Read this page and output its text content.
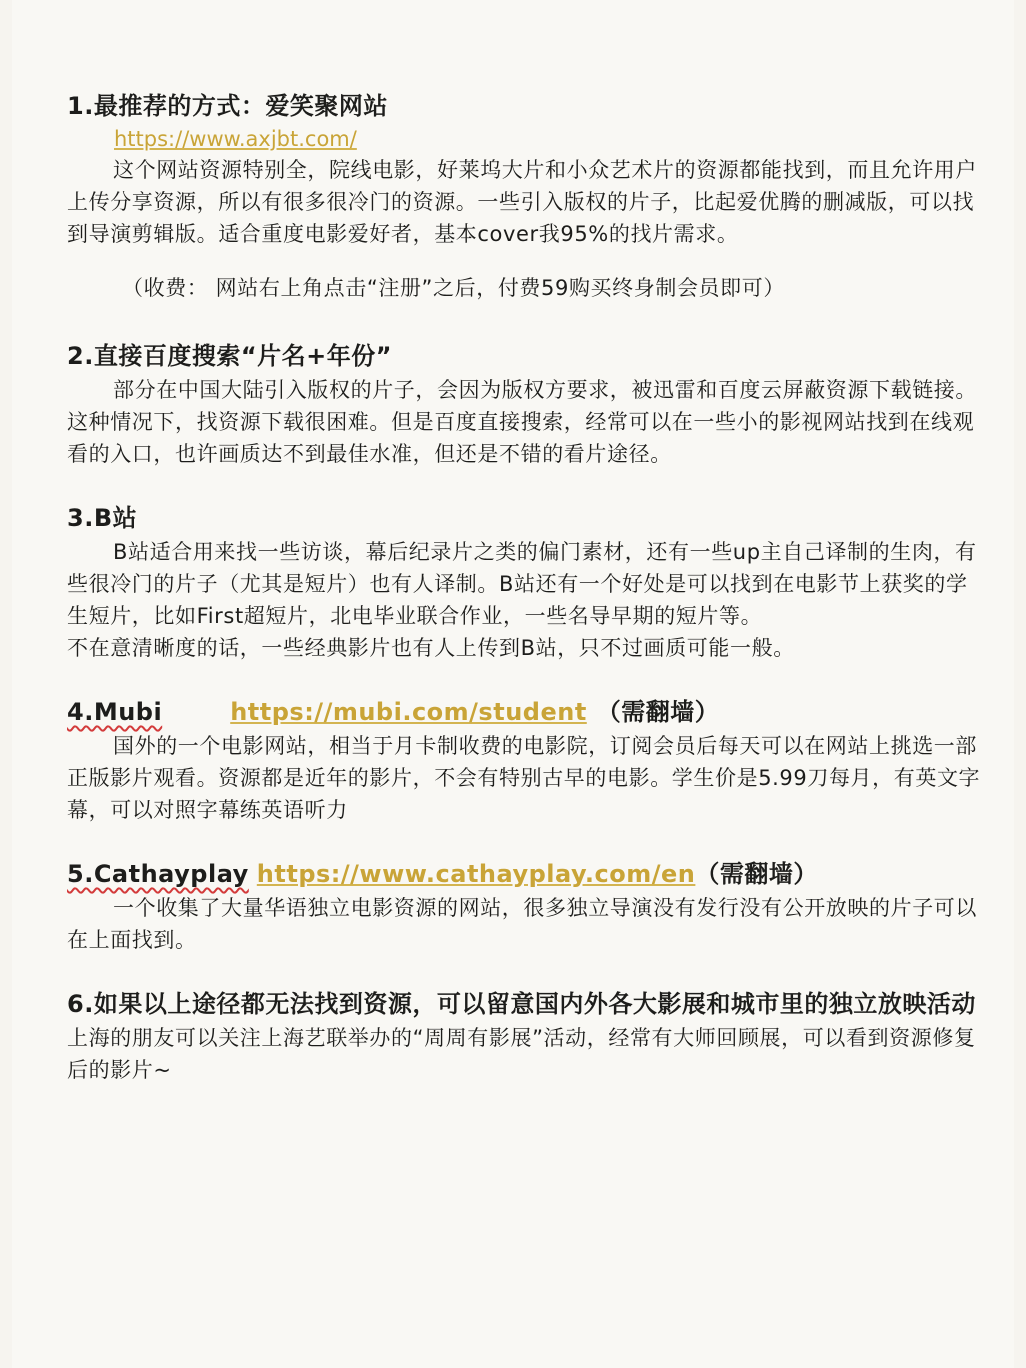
1.最推荐的方式：爱笑聚网站

https://www.axjbt.com/

这个网站资源特别全，院线电影，好莱坞大片和小众艺术片的资源都能找到，而且允许用户上传分享资源，所以有很多很冷门的资源。一些引入版权的片子，比起爱优腾的删减版，可以找到导演剪辑版。适合重度电影爱好者，基本cover我95%的找片需求。

（收费： 网站右上角点击“注册”之后，付费59购买终身制会员即可）

2.直接百度搜索“片名+年份”

部分在中国大陆引入版权的片子，会因为版权方要求，被迅雷和百度云屏蔽资源下载链接。这种情况下，找资源下载很困难。但是百度直接搜索，经常可以在一些小的影视网站找到在线观看的入口，也许画质达不到最佳水准，但还是不错的看片途径。

3.B站

B站适合用来找一些访谈，幕后纪录片之类的偏门素材，还有一些up主自己译制的生肉，有些很冷门的片子（尤其是短片）也有人译制。B站还有一个好处是可以找到在电影节上获奖的学生短片，比如First超短片，北电毕业联合作业，一些名导早期的短片等。

不在意清晰度的话，一些经典影片也有人上传到B站，只不过画质可能一般。

4.Mubi	https://mubi.com/student （需翻墙）

国外的一个电影网站，相当于月卡制收费的电影院，订阅会员后每天可以在网站上挑选一部正版影片观看。资源都是近年的影片，不会有特别古早的电影。学生价是5.99刀每月，有英文字幕，可以对照字幕练英语听力

5.Cathayplay https://www.cathayplay.com/en（需翻墙）

一个收集了大量华语独立电影资源的网站，很多独立导演没有发行没有公开放映的片子可以在上面找到。

6.如果以上途径都无法找到资源，可以留意国内外各大影展和城市里的独立放映活动

上海的朋友可以关注上海艺联举办的“周周有影展”活动，经常有大师回顾展，可以看到资源修复后的影片~
